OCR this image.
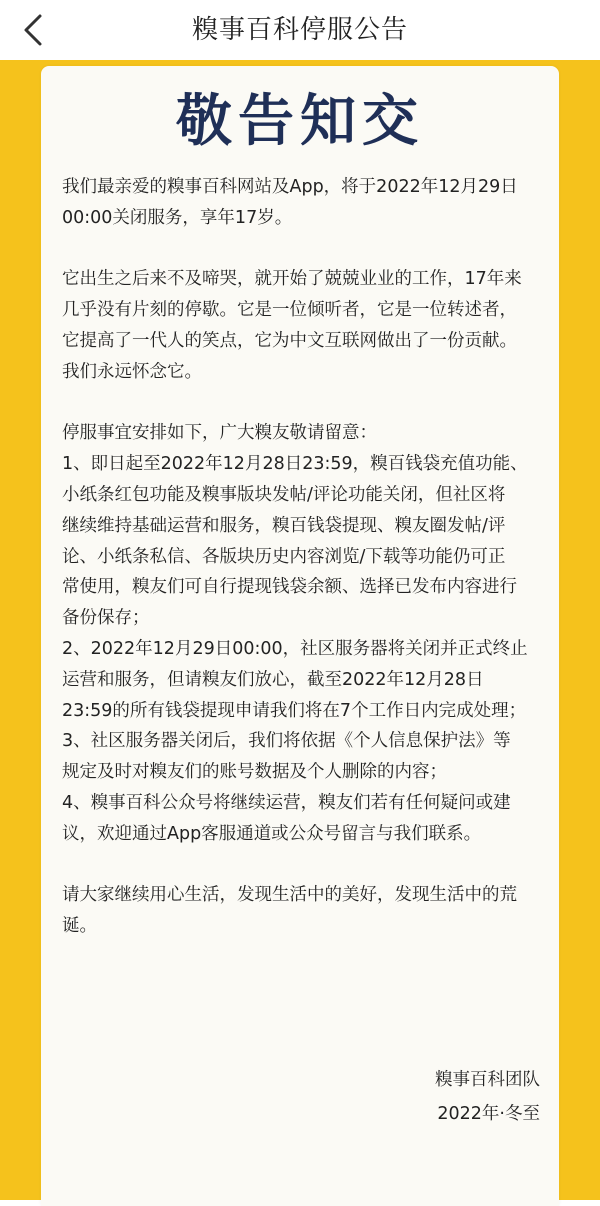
糗事百科停服公告
敬告知交

我们最亲爱的糗事百科网站及App，将于2022年12月29日
00:00关闭服务，享年17岁。

它出生之后来不及啼哭，就开始了兢兢业业的工作，17年来
几乎没有片刻的停歇。它是一位倾听者，它是一位转述者，
它提高了一代人的笑点，它为中文互联网做出了一份贡献。
我们永远怀念它。

停服事宜安排如下，广大糗友敬请留意：
1、即日起至2022年12月28日23:59，糗百钱袋充值功能、
小纸条红包功能及糗事版块发帖/评论功能关闭，但社区将
继续维持基础运营和服务，糗百钱袋提现、糗友圈发帖/评
论、小纸条私信、各版块历史内容浏览/下载等功能仍可正
常使用，糗友们可自行提现钱袋余额、选择已发布内容进行
备份保存；
2、2022年12月29日00:00，社区服务器将关闭并正式终止
运营和服务，但请糗友们放心，截至2022年12月28日
23:59的所有钱袋提现申请我们将在7个工作日内完成处理；
3、社区服务器关闭后，我们将依据《个人信息保护法》等
规定及时对糗友们的账号数据及个人删除的内容；
4、糗事百科公众号将继续运营，糗友们若有任何疑问或建
议，欢迎通过App客服通道或公众号留言与我们联系。

请大家继续用心生活，发现生活中的美好，发现生活中的荒
诞。

糗事百科团队
2022年·冬至
